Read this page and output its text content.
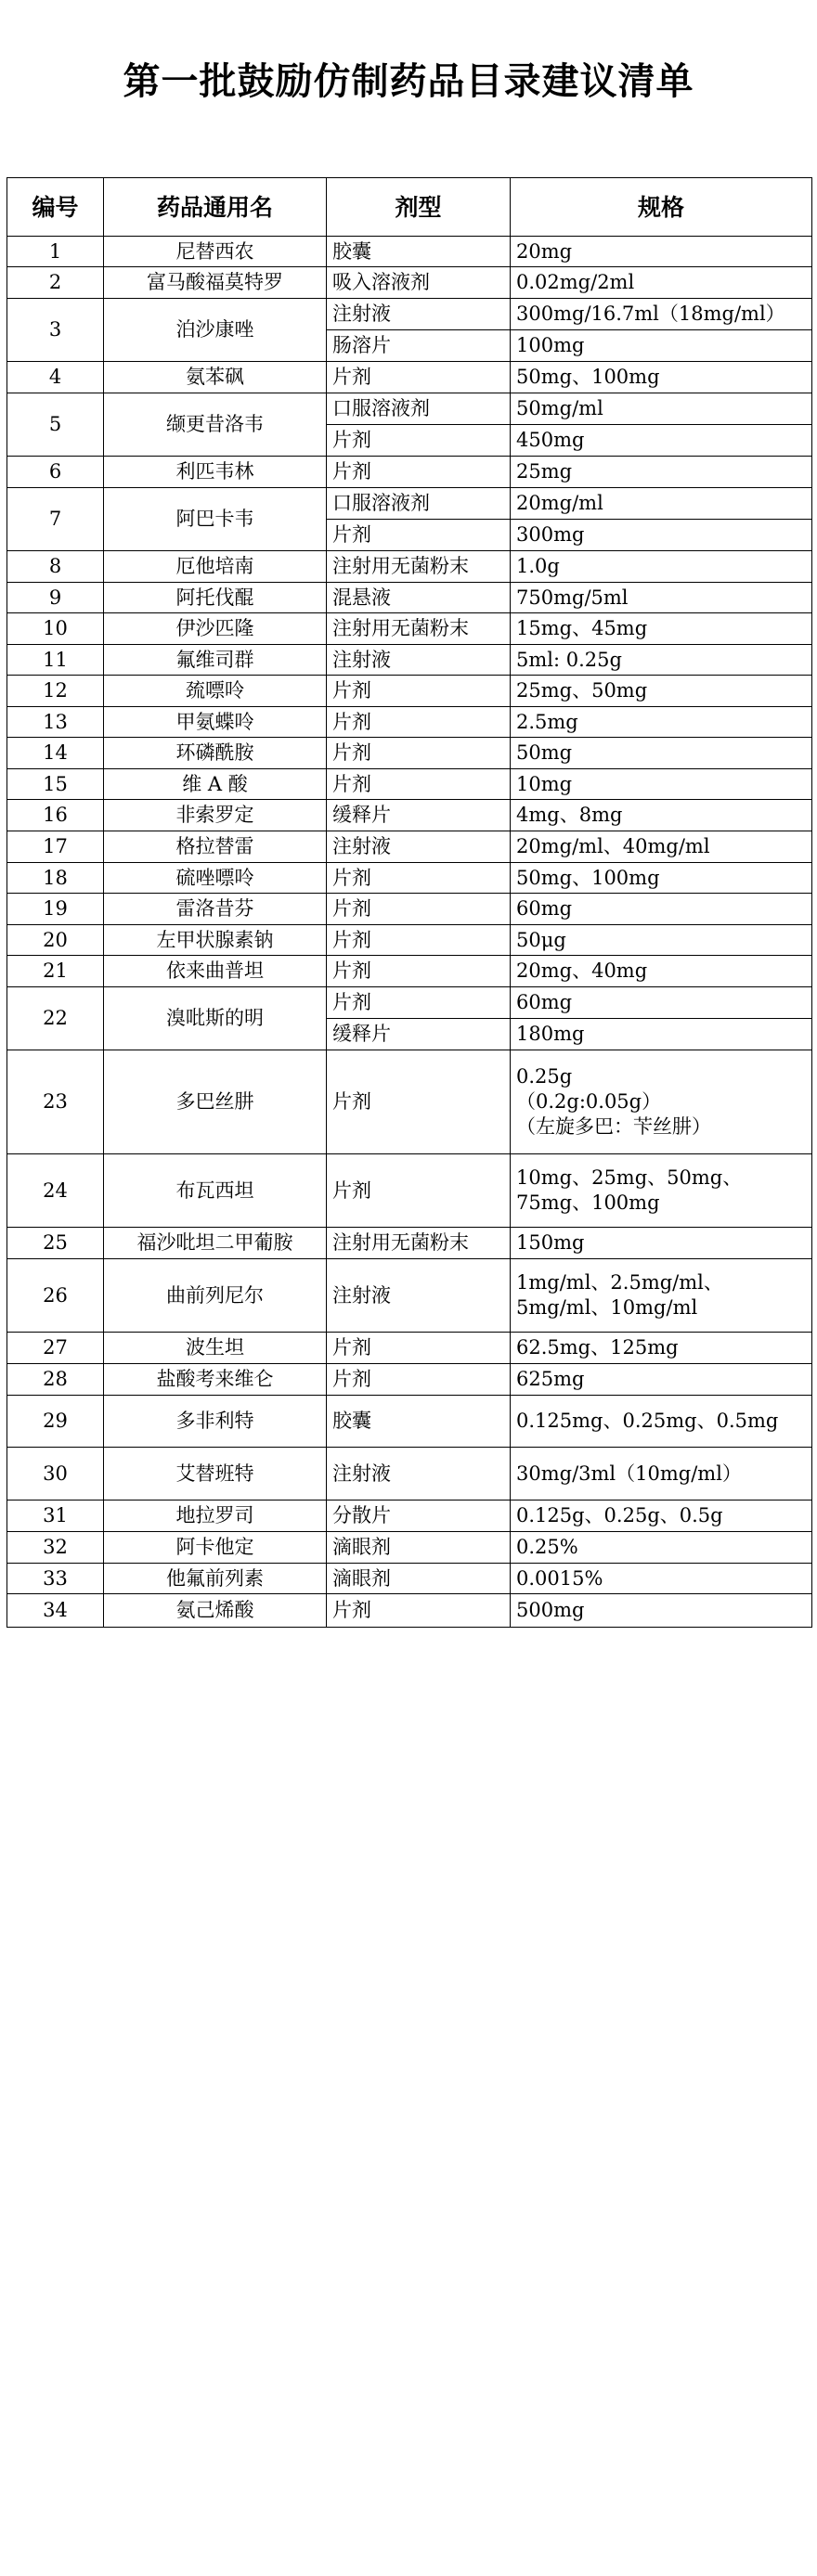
第一批鼓励仿制药品目录建议清单
编号	药品通用名	剂型	规格
1	尼替西农	胶囊	20mg
2	富马酸福莫特罗	吸入溶液剂	0.02mg/2ml
3	泊沙康唑	注射液	300mg/16.7ml（18mg/ml）
		肠溶片	100mg
4	氨苯砜	片剂	50mg、100mg
5	缬更昔洛韦	口服溶液剂	50mg/ml
		片剂	450mg
6	利匹韦林	片剂	25mg
7	阿巴卡韦	口服溶液剂	20mg/ml
		片剂	300mg
8	厄他培南	注射用无菌粉末	1.0g
9	阿托伐醌	混悬液	750mg/5ml
10	伊沙匹隆	注射用无菌粉末	15mg、45mg
11	氟维司群	注射液	5ml: 0.25g
12	巯嘌呤	片剂	25mg、50mg
13	甲氨蝶呤	片剂	2.5mg
14	环磷酰胺	片剂	50mg
15	维 A 酸	片剂	10mg
16	非索罗定	缓释片	4mg、8mg
17	格拉替雷	注射液	20mg/ml、40mg/ml
18	硫唑嘌呤	片剂	50mg、100mg
19	雷洛昔芬	片剂	60mg
20	左甲状腺素钠	片剂	50μg
21	依来曲普坦	片剂	20mg、40mg
22	溴吡斯的明	片剂	60mg
		缓释片	180mg
23	多巴丝肼	片剂	0.25g
（0.2g:0.05g）
（左旋多巴：苄丝肼）
24	布瓦西坦	片剂	10mg、25mg、50mg、75mg、100mg
25	福沙吡坦二甲葡胺	注射用无菌粉末	150mg
26	曲前列尼尔	注射液	1mg/ml、2.5mg/ml、5mg/ml、10mg/ml
27	波生坦	片剂	62.5mg、125mg
28	盐酸考来维仑	片剂	625mg
29	多非利特	胶囊	0.125mg、0.25mg、0.5mg
30	艾替班特	注射液	30mg/3ml（10mg/ml）
31	地拉罗司	分散片	0.125g、0.25g、0.5g
32	阿卡他定	滴眼剂	0.25%
33	他氟前列素	滴眼剂	0.0015%
34	氨己烯酸	片剂	500mg
